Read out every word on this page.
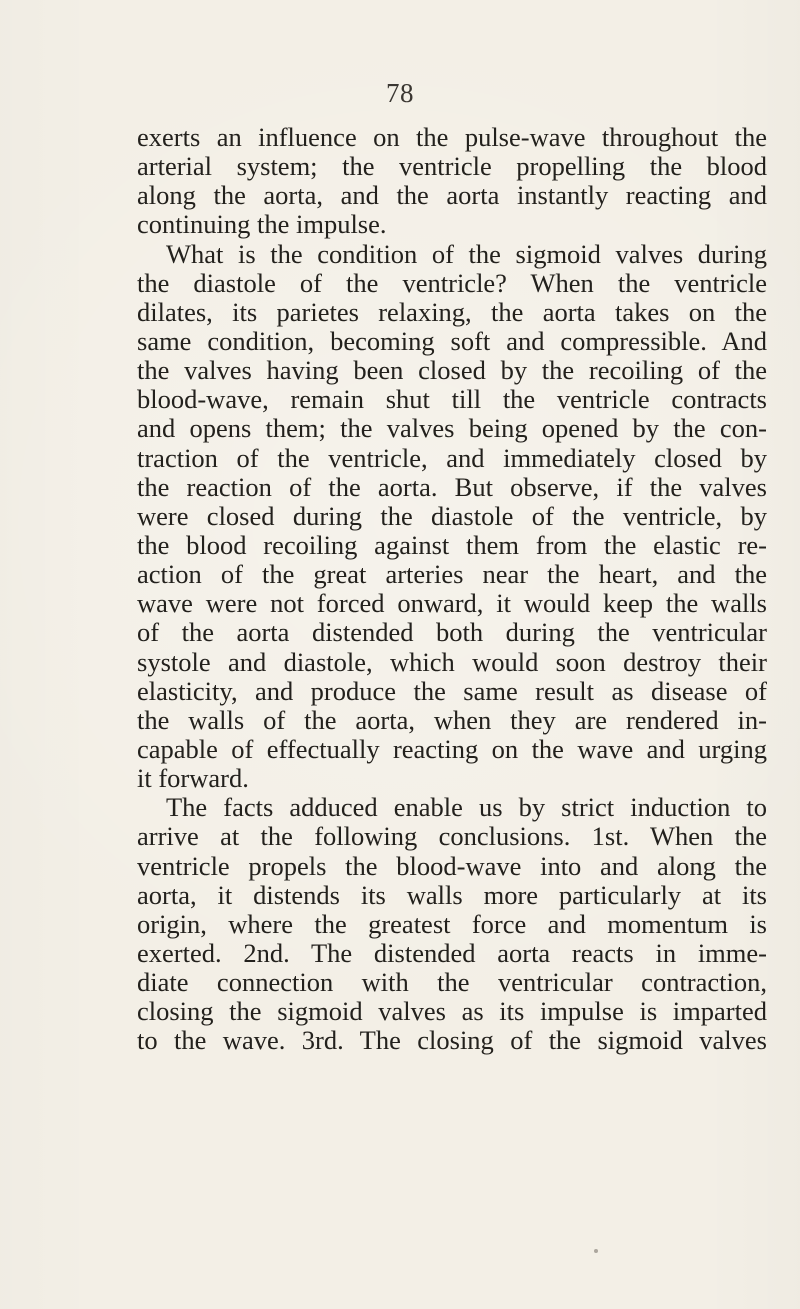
78
exerts an influence on the pulse-wave throughout the
arterial system; the ventricle propelling the blood
along the aorta, and the aorta instantly reacting and
continuing the impulse.
What is the condition of the sigmoid valves during
the diastole of the ventricle? When the ventricle
dilates, its parietes relaxing, the aorta takes on the
same condition, becoming soft and compressible. And
the valves having been closed by the recoiling of the
blood-wave, remain shut till the ventricle contracts
and opens them; the valves being opened by the con-
traction of the ventricle, and immediately closed by
the reaction of the aorta. But observe, if the valves
were closed during the diastole of the ventricle, by
the blood recoiling against them from the elastic re-
action of the great arteries near the heart, and the
wave were not forced onward, it would keep the walls
of the aorta distended both during the ventricular
systole and diastole, which would soon destroy their
elasticity, and produce the same result as disease of
the walls of the aorta, when they are rendered in-
capable of effectually reacting on the wave and urging
it forward.
The facts adduced enable us by strict induction to
arrive at the following conclusions. 1st. When the
ventricle propels the blood-wave into and along the
aorta, it distends its walls more particularly at its
origin, where the greatest force and momentum is
exerted. 2nd. The distended aorta reacts in imme-
diate connection with the ventricular contraction,
closing the sigmoid valves as its impulse is imparted
to the wave. 3rd. The closing of the sigmoid valves
